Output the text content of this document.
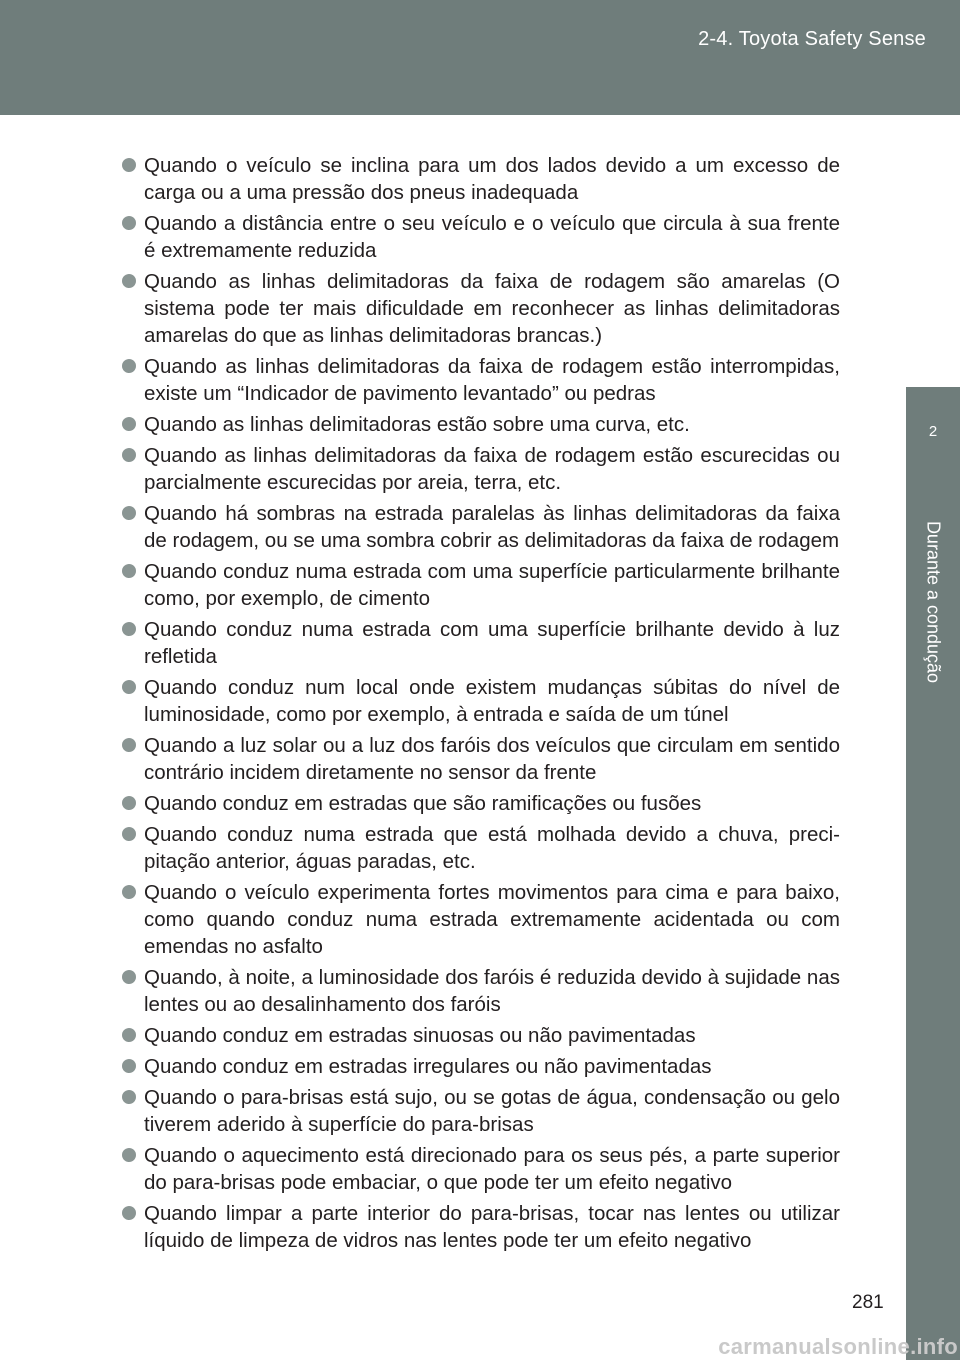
2-4. Toyota Safety Sense
2
Durante a condução
Quando o veículo se inclina para um dos lados devido a um excesso de carga ou a uma pressão dos pneus inadequada
Quando a distância entre o seu veículo e o veículo que circula à sua frente é extremamente reduzida
Quando as linhas delimitadoras da faixa de rodagem são amarelas (O sistema pode ter mais dificuldade em reconhecer as linhas delimitadoras amarelas do que as linhas delimitadoras brancas.)
Quando as linhas delimitadoras da faixa de rodagem estão interrompidas, existe um “Indicador de pavimento levantado” ou pedras
Quando as linhas delimitadoras estão sobre uma curva, etc.
Quando as linhas delimitadoras da faixa de rodagem estão escurecidas ou parcialmente escurecidas por areia, terra, etc.
Quando há sombras na estrada paralelas às linhas delimitadoras da faixa de rodagem, ou se uma sombra cobrir as delimitadoras da faixa de rodagem
Quando conduz numa estrada com uma superfície particularmente brilhante como, por exemplo, de cimento
Quando conduz numa estrada com uma superfície brilhante devido à luz refletida
Quando conduz num local onde existem mudanças súbitas do nível de luminosidade, como por exemplo, à entrada e saída de um túnel
Quando a luz solar ou a luz dos faróis dos veículos que circulam em sentido contrário incidem diretamente no sensor da frente
Quando conduz em estradas que são ramificações ou fusões
Quando conduz numa estrada que está molhada devido a chuva, precipitação anterior, águas paradas, etc.
Quando o veículo experimenta fortes movimentos para cima e para baixo, como quando conduz numa estrada extremamente acidentada ou com emendas no asfalto
Quando, à noite, a luminosidade dos faróis é reduzida devido à sujidade nas lentes ou ao desalinhamento dos faróis
Quando conduz em estradas sinuosas ou não pavimentadas
Quando conduz em estradas irregulares ou não pavimentadas
Quando o para-brisas está sujo, ou se gotas de água, condensação ou gelo tiverem aderido à superfície do para-brisas
Quando o aquecimento está direcionado para os seus pés, a parte superior do para-brisas pode embaciar, o que pode ter um efeito negativo
Quando limpar a parte interior do para-brisas, tocar nas lentes ou utilizar líquido de limpeza de vidros nas lentes pode ter um efeito negativo
281
carmanualsonline.info
